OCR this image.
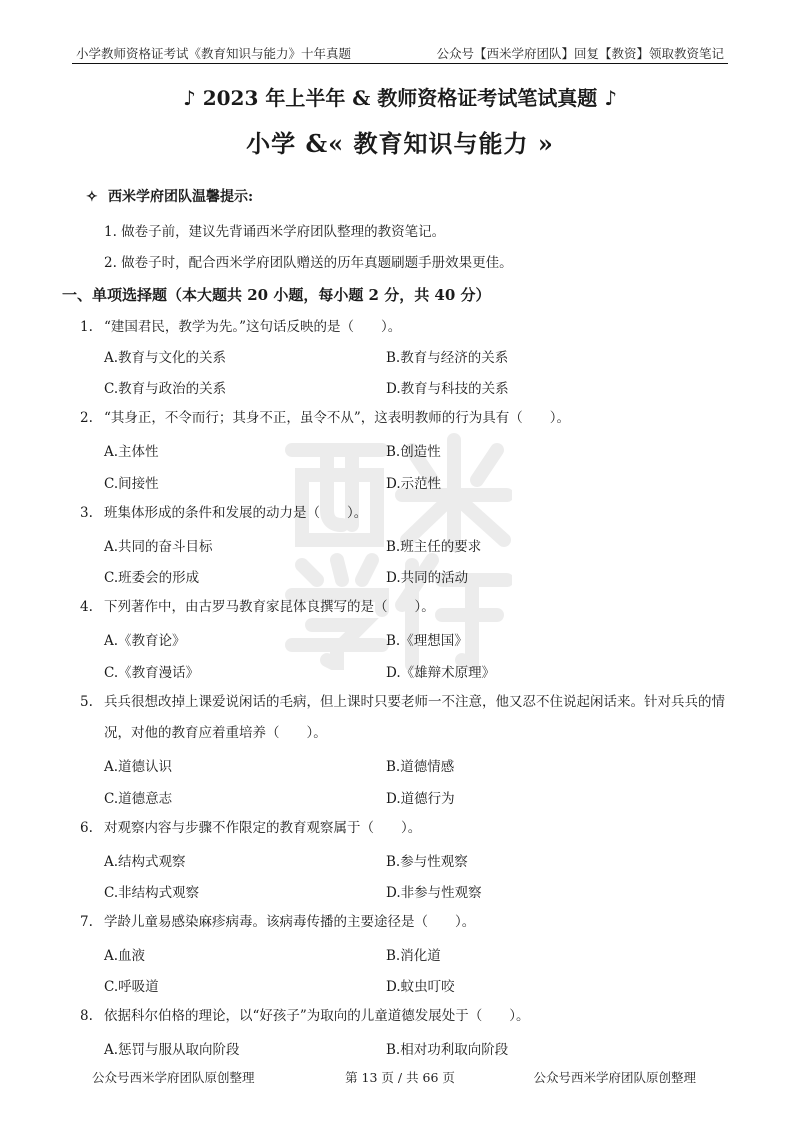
小学教师资格证考试《教育知识与能力》十年真题	公众号【西米学府团队】回复【教资】领取教资笔记
♪ 2023 年上半年 & 教师资格证考试笔试真题 ♪
小学 &« 教育知识与能力 »
✧ 西米学府团队温馨提示:
1. 做卷子前，建议先背诵西米学府团队整理的教资笔记。
2. 做卷子时，配合西米学府团队赠送的历年真题刷题手册效果更佳。
一、单项选择题（本大题共 20 小题，每小题 2 分，共 40 分）
1. “建国君民，教学为先。”这句话反映的是（　　）。
A.教育与文化的关系	B.教育与经济的关系
C.教育与政治的关系	D.教育与科技的关系
2. “其身正，不令而行；其身不正，虽令不从”，这表明教师的行为具有（　　）。
A.主体性	B.创造性
C.间接性	D.示范性
3. 班集体形成的条件和发展的动力是（　　）。
A.共同的奋斗目标	B.班主任的要求
C.班委会的形成	D.共同的活动
4. 下列著作中，由古罗马教育家昆体良撰写的是（　　）。
A.《教育论》	B.《理想国》
C.《教育漫话》	D.《雄辩术原理》
5. 兵兵很想改掉上课爱说闲话的毛病，但上课时只要老师一不注意，他又忍不住说起闲话来。针对兵兵的情况，对他的教育应着重培养（　　）。
A.道德认识	B.道德情感
C.道德意志	D.道德行为
6. 对观察内容与步骤不作限定的教育观察属于（　　）。
A.结构式观察	B.参与性观察
C.非结构式观察	D.非参与性观察
7. 学龄儿童易感染麻疹病毒。该病毒传播的主要途径是（　　）。
A.血液	B.消化道
C.呼吸道	D.蚊虫叮咬
8. 依据科尔伯格的理论，以“好孩子”为取向的儿童道德发展处于（　　）。
A.惩罚与服从取向阶段	B.相对功利取向阶段
公众号西米学府团队原创整理	第 13 页 / 共 66 页	公众号西米学府团队原创整理
